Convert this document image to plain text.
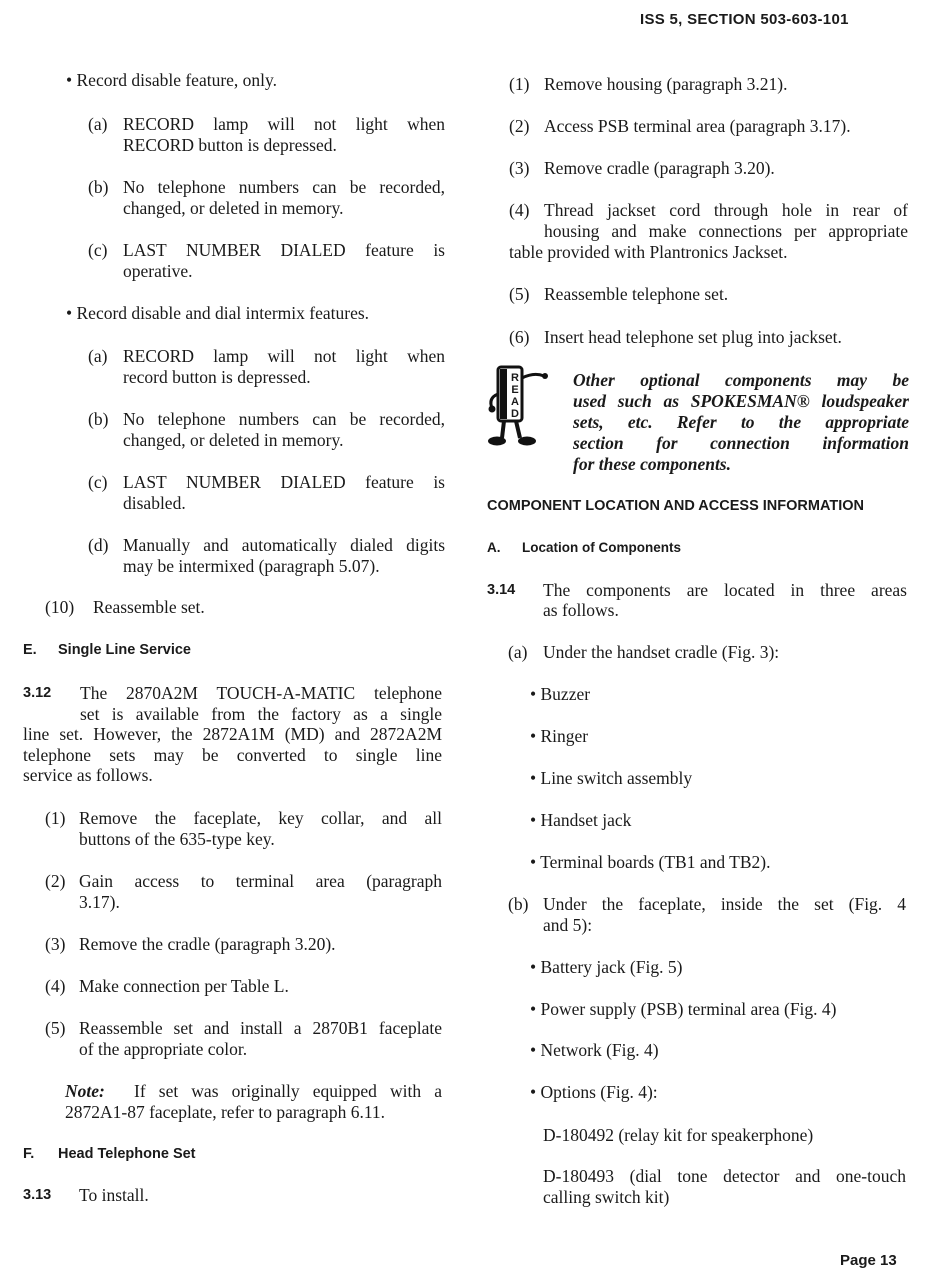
ISS 5, SECTION 503-603-101
• Record disable feature, only.
(a) RECORD lamp will not light when
RECORD button is depressed.
(b) No telephone numbers can be recorded,
changed, or deleted in memory.
(c) LAST NUMBER DIALED feature is
operative.
• Record disable and dial intermix features.
(a) RECORD lamp will not light when
record button is depressed.
(b) No telephone numbers can be recorded,
changed, or deleted in memory.
(c) LAST NUMBER DIALED feature is
disabled.
(d) Manually and automatically dialed digits
may be intermixed (paragraph 5.07).
(10) Reassemble set.
E. Single Line Service
3.12 The 2870A2M TOUCH-A-MATIC telephone
set is available from the factory as a single
line set. However, the 2872A1M (MD) and 2872A2M
telephone sets may be converted to single line
service as follows.
(1) Remove the faceplate, key collar, and all
buttons of the 635-type key.
(2) Gain access to terminal area (paragraph
3.17).
(3) Remove the cradle (paragraph 3.20).
(4) Make connection per Table L.
(5) Reassemble set and install a 2870B1 faceplate
of the appropriate color.
Note: If set was originally equipped with a
2872A1-87 faceplate, refer to paragraph 6.11.
F. Head Telephone Set
3.13 To install.
(1) Remove housing (paragraph 3.21).
(2) Access PSB terminal area (paragraph 3.17).
(3) Remove cradle (paragraph 3.20).
(4) Thread jackset cord through hole in rear of
housing and make connections per appropriate
table provided with Plantronics Jackset.
(5) Reassemble telephone set.
(6) Insert head telephone set plug into jackset.
READ
Other optional components may be
used such as SPOKESMAN® loudspeaker
sets, etc. Refer to the appropriate
section for connection information
for these components.
COMPONENT LOCATION AND ACCESS INFORMATION
A. Location of Components
3.14 The components are located in three areas
as follows.
(a) Under the handset cradle (Fig. 3):
• Buzzer
• Ringer
• Line switch assembly
• Handset jack
• Terminal boards (TB1 and TB2).
(b) Under the faceplate, inside the set (Fig. 4
and 5):
• Battery jack (Fig. 5)
• Power supply (PSB) terminal area (Fig. 4)
• Network (Fig. 4)
• Options (Fig. 4):
D-180492 (relay kit for speakerphone)
D-180493 (dial tone detector and one-touch
calling switch kit)
Page 13
